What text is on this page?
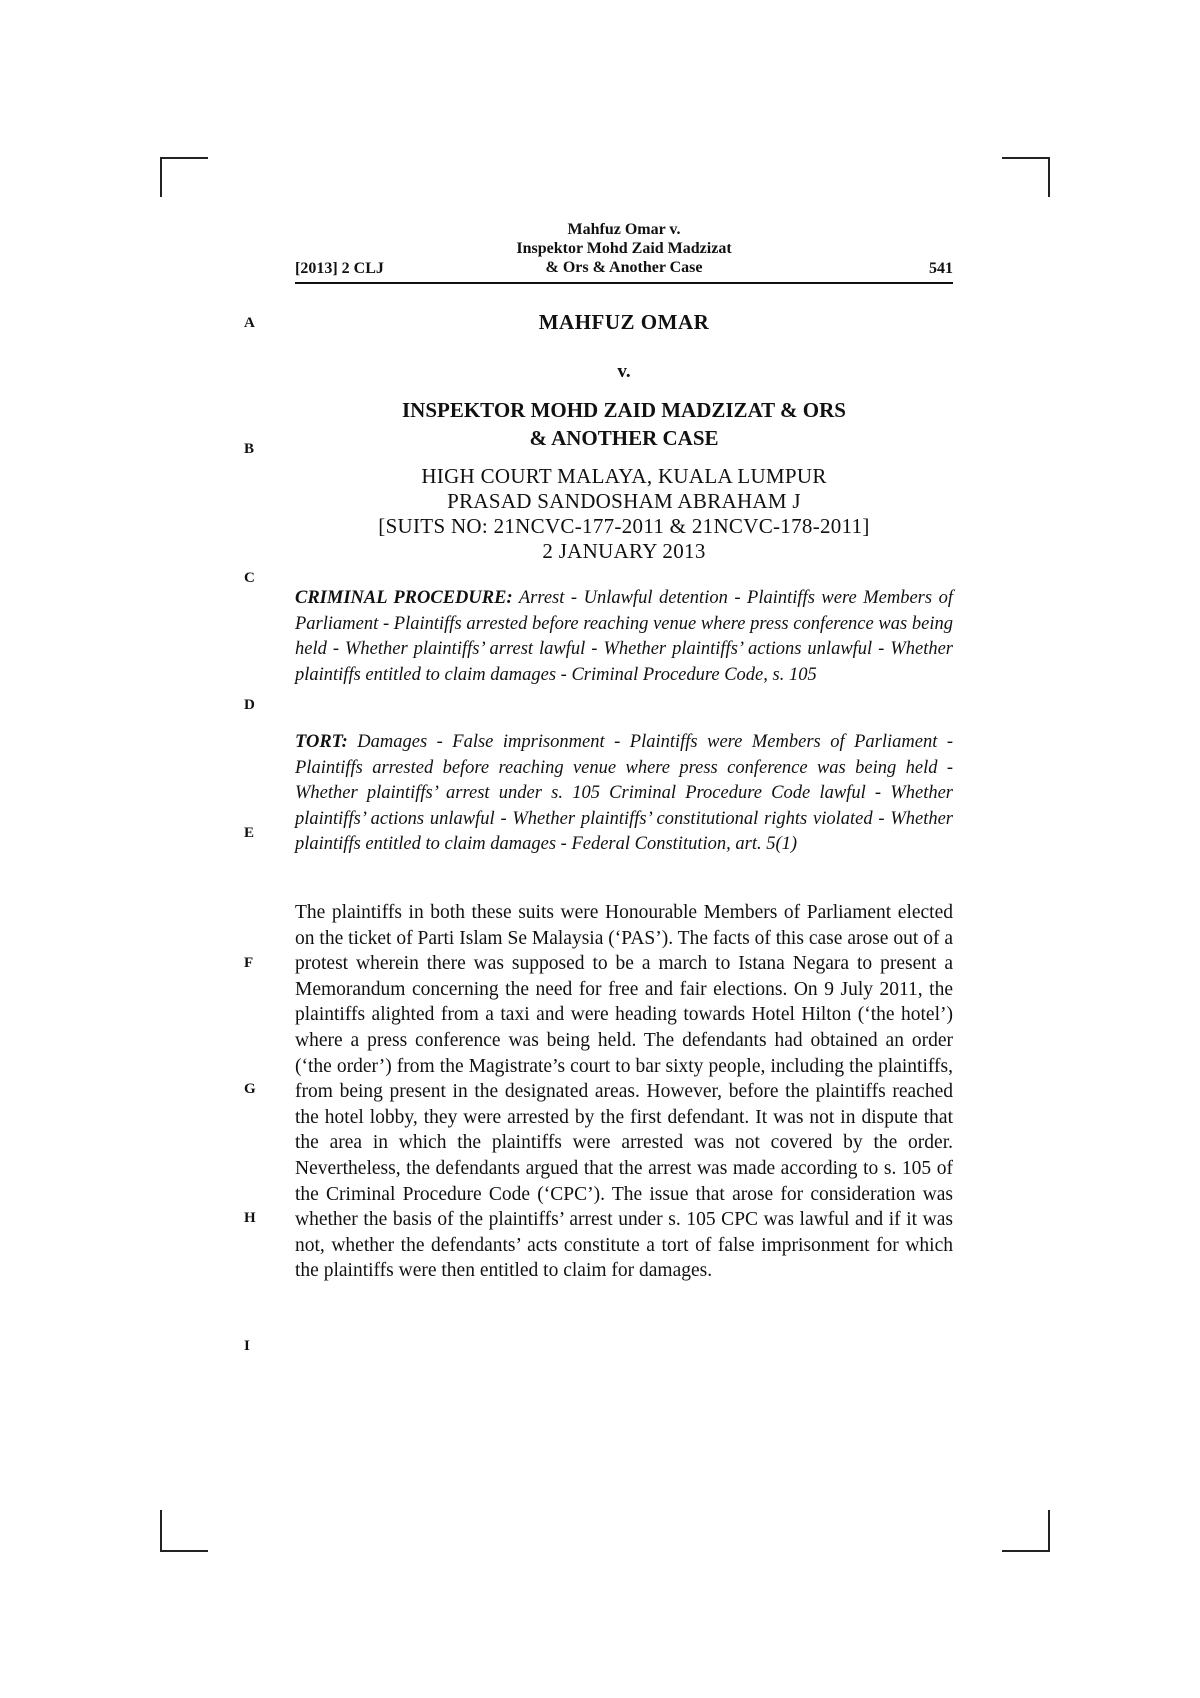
Mahfuz Omar v.
Inspektor Mohd Zaid Madzizat
& Ors & Another Case
[2013] 2 CLJ	541
A
B
C
D
E
F
G
H
I
MAHFUZ OMAR
v.
INSPEKTOR MOHD ZAID MADZIZAT & ORS
& ANOTHER CASE
HIGH COURT MALAYA, KUALA LUMPUR
PRASAD SANDOSHAM ABRAHAM J
[SUITS NO: 21NCVC-177-2011 & 21NCVC-178-2011]
2 JANUARY 2013
CRIMINAL PROCEDURE: Arrest - Unlawful detention - Plaintiffs were Members of Parliament - Plaintiffs arrested before reaching venue where press conference was being held - Whether plaintiffs’ arrest lawful - Whether plaintiffs’ actions unlawful - Whether plaintiffs entitled to claim damages - Criminal Procedure Code, s. 105
TORT: Damages - False imprisonment - Plaintiffs were Members of Parliament - Plaintiffs arrested before reaching venue where press conference was being held - Whether plaintiffs’ arrest under s. 105 Criminal Procedure Code lawful - Whether plaintiffs’ actions unlawful - Whether plaintiffs’ constitutional rights violated - Whether plaintiffs entitled to claim damages - Federal Constitution, art. 5(1)
The plaintiffs in both these suits were Honourable Members of Parliament elected on the ticket of Parti Islam Se Malaysia (‘PAS’). The facts of this case arose out of a protest wherein there was supposed to be a march to Istana Negara to present a Memorandum concerning the need for free and fair elections. On 9 July 2011, the plaintiffs alighted from a taxi and were heading towards Hotel Hilton (‘the hotel’) where a press conference was being held. The defendants had obtained an order (‘the order’) from the Magistrate’s court to bar sixty people, including the plaintiffs, from being present in the designated areas. However, before the plaintiffs reached the hotel lobby, they were arrested by the first defendant. It was not in dispute that the area in which the plaintiffs were arrested was not covered by the order. Nevertheless, the defendants argued that the arrest was made according to s. 105 of the Criminal Procedure Code (‘CPC’). The issue that arose for consideration was whether the basis of the plaintiffs’ arrest under s. 105 CPC was lawful and if it was not, whether the defendants’ acts constitute a tort of false imprisonment for which the plaintiffs were then entitled to claim for damages.
